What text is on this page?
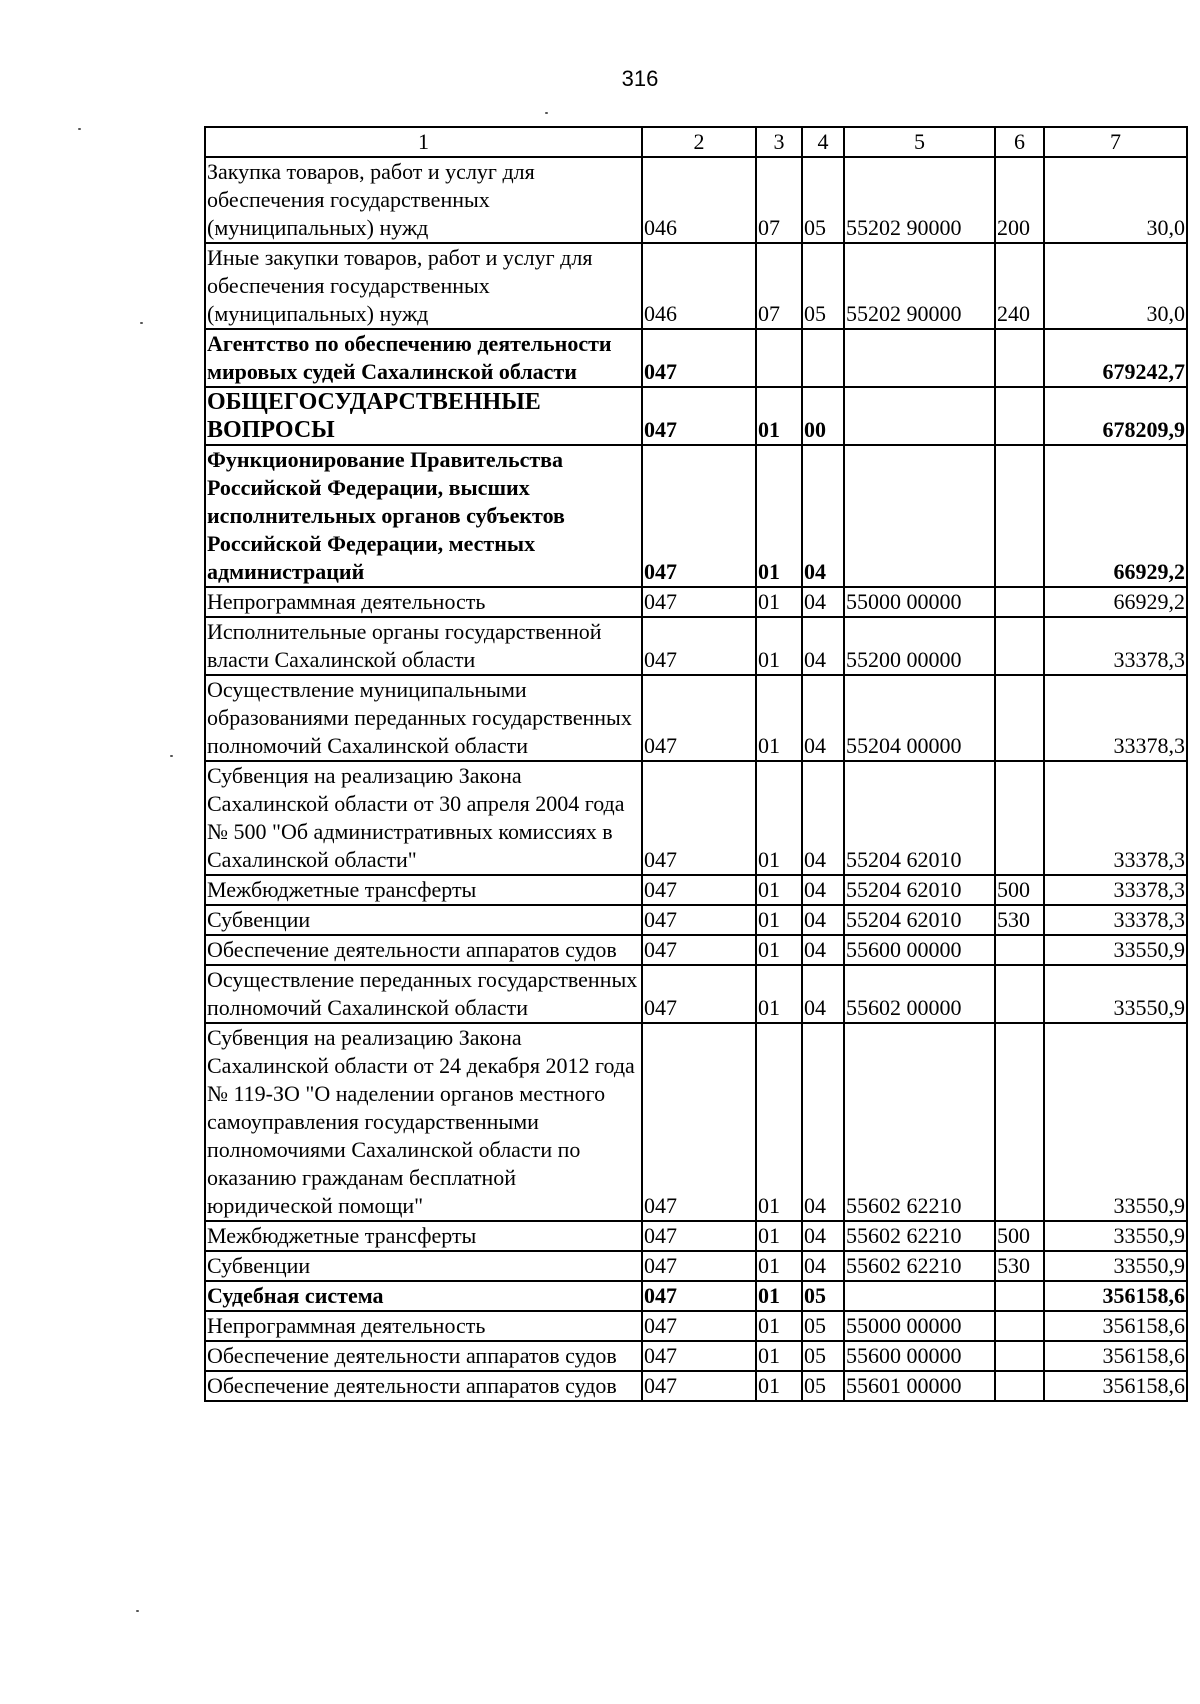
316
1	2	3	4	5	6	7
Закупка товаров, работ и услуг для обеспечения государственных (муниципальных) нужд	046	07	05	55202 90000	200	30,0
Иные закупки товаров, работ и услуг для обеспечения государственных (муниципальных) нужд	046	07	05	55202 90000	240	30,0
Агентство по обеспечению деятельности мировых судей Сахалинской области	047					679242,7
ОБЩЕГОСУДАРСТВЕННЫЕ ВОПРОСЫ	047	01	00			678209,9
Функционирование Правительства Российской Федерации, высших исполнительных органов субъектов Российской Федерации, местных администраций	047	01	04			66929,2
Непрограммная деятельность	047	01	04	55000 00000		66929,2
Исполнительные органы государственной власти Сахалинской области	047	01	04	55200 00000		33378,3
Осуществление муниципальными образованиями переданных государственных полномочий Сахалинской области	047	01	04	55204 00000		33378,3
Субвенция на реализацию Закона Сахалинской области от 30 апреля 2004 года № 500 "Об административных комиссиях в Сахалинской области"	047	01	04	55204 62010		33378,3
Межбюджетные трансферты	047	01	04	55204 62010	500	33378,3
Субвенции	047	01	04	55204 62010	530	33378,3
Обеспечение деятельности аппаратов судов	047	01	04	55600 00000		33550,9
Осуществление переданных государственных полномочий Сахалинской области	047	01	04	55602 00000		33550,9
Субвенция на реализацию Закона Сахалинской области от 24 декабря 2012 года № 119-ЗО "О наделении органов местного самоуправления государственными полномочиями Сахалинской области по оказанию гражданам бесплатной юридической помощи"	047	01	04	55602 62210		33550,9
Межбюджетные трансферты	047	01	04	55602 62210	500	33550,9
Субвенции	047	01	04	55602 62210	530	33550,9
Судебная система	047	01	05			356158,6
Непрограммная деятельность	047	01	05	55000 00000		356158,6
Обеспечение деятельности аппаратов судов	047	01	05	55600 00000		356158,6
Обеспечение деятельности аппаратов судов	047	01	05	55601 00000		356158,6
